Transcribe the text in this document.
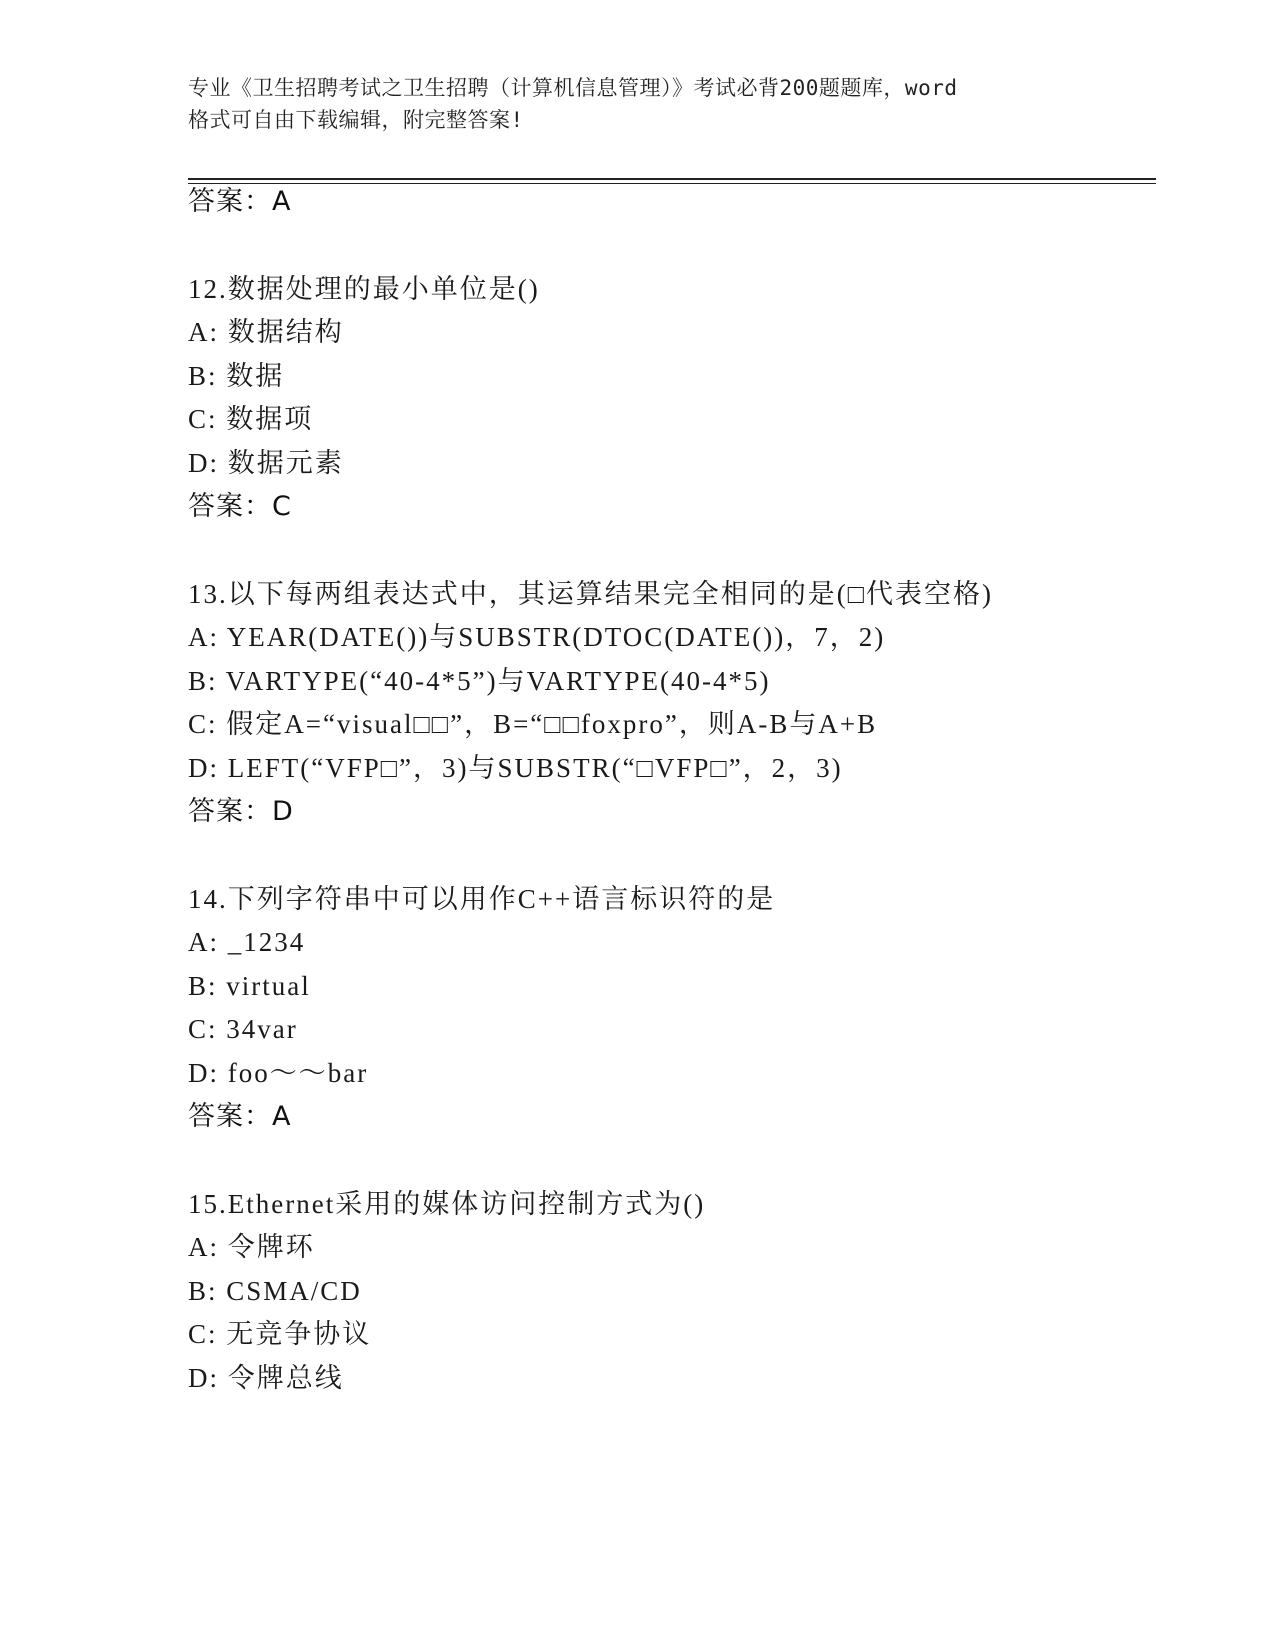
专业《卫生招聘考试之卫生招聘（计算机信息管理）》考试必背200题题库，word
格式可自由下载编辑，附完整答案!
答案：A
12.数据处理的最小单位是()
A: 数据结构
B: 数据
C: 数据项
D: 数据元素
答案：C
13.以下每两组表达式中，其运算结果完全相同的是(□代表空格)
A: YEAR(DATE())与SUBSTR(DTOC(DATE())，7，2)
B: VARTYPE(“40-4*5”)与VARTYPE(40-4*5)
C: 假定A=“visual□□”，B=“□□foxpro”，则A-B与A+B
D: LEFT(“VFP□”，3)与SUBSTR(“□VFP□”，2，3)
答案：D
14.下列字符串中可以用作C++语言标识符的是
A: _1234
B: virtual
C: 34var
D: foo～～bar
答案：A
15.Ethernet采用的媒体访问控制方式为()
A: 令牌环
B: CSMA/CD
C: 无竞争协议
D: 令牌总线
